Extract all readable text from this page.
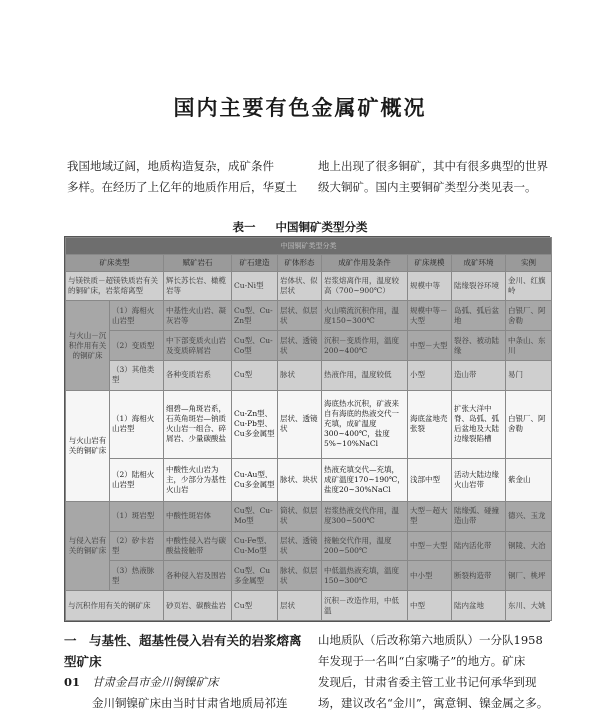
国内主要有色金属矿概况
我国地域辽阔，地质构造复杂，成矿条件
多样。在经历了上亿年的地质作用后，华夏土
地上出现了很多铜矿，其中有很多典型的世界
级大铜矿。国内主要铜矿类型分类见表一。
表一 中国铜矿类型分类
中国铜矿类型分类								
矿床类型		赋矿岩石	矿石建造	矿体形态	成矿作用及条件	矿床规模	成矿环境	实例
与镁铁质－超镁铁质岩有关的铜矿床，岩浆熔离型		辉长苏长岩、橄榄岩等	Cu-Ni型	岩体状、似层状	岩浆熔离作用，温度较高（700~900℃）	规模中等	陆缘裂谷环境	金川、红旗岭
与火山－沉积作用有关的铜矿床	（1）海相火山岩型	中基性火山岩、凝灰岩等	Cu型、Cu-Zn型	层状、似层状	火山喷流沉积作用，温度150~300℃	规模中等－大型	岛弧、弧后盆地	白银厂、阿舍勒
	（2）变质型	中下部变质火山岩及变质碎屑岩	Cu型、Cu-Co型	层状、透镜状	沉积－变质作用，温度200~400℃	中型－大型	裂谷、被动陆缘	中条山、东川
	（3）其他类型	各种变质岩系	Cu型	脉状	热液作用，温度较低	小型	造山带	易门
与火山岩有关的铜矿床	（1）海相火山岩型	细碧—角斑岩系，石英角斑岩—钠质火山岩一组合、碎屑岩、少量碳酸盐	Cu-Zn型、Cu-Pb型、Cu多金属型	层状、透镜状	海底热水沉积，矿液来自有海底的热液交代一充填，成矿温度300~400℃，盐度5%~10%NaCl	海底盆地壳张裂	扩张大洋中脊、岛弧、弧后盆地及大陆边缘裂陷槽	白银厂、阿舍勒
	（2）陆相火山岩型	中酸性火山岩为主，少部分为基性火山岩	Cu-Au型、Cu多金属型	脉状、块状	热液充填交代—充填，成矿温度170~190℃，盐度20~30%NaCl	浅部中型	活动大陆边缘火山岩带	紫金山
与侵入岩有关的铜矿床	（1）斑岩型	中酸性斑岩体	Cu型、Cu-Mo型	筒状、似层状	岩浆热液交代作用，温度300~500℃	大型－超大型	陆缘弧、碰撞造山带	德兴、玉龙
	（2）矽卡岩型	中酸性侵入岩与碳酸盐接触带	Cu-Fe型、Cu-Mo型	层状、透镜状	接触交代作用，温度200~500℃	中型－大型	陆内活化带	铜陵、大冶
	（3）热液脉型	各种侵入岩及围岩	Cu型、Cu多金属型	脉状、似层状	中低温热液充填，温度150~300℃	中小型	断裂构造带	铜厂、桃坪
与沉积作用有关的铜矿床		砂页岩、碳酸盐岩	Cu型	层状	沉积－改造作用，中低温	中型	陆内盆地	东川、大姚
一　与基性、超基性侵入岩有关的岩浆熔离
型矿床
01 甘肃金昌市金川铜镍矿床
金川铜镍矿床由当时甘肃省地质局祁连
山地质队（后改称第六地质队）一分队1958
年发现于一名叫“白家嘴子”的地方。矿床
发现后，甘肃省委主管工业书记何承华到现
场，建议改名“金川”，寓意铜、镍金属之多。
